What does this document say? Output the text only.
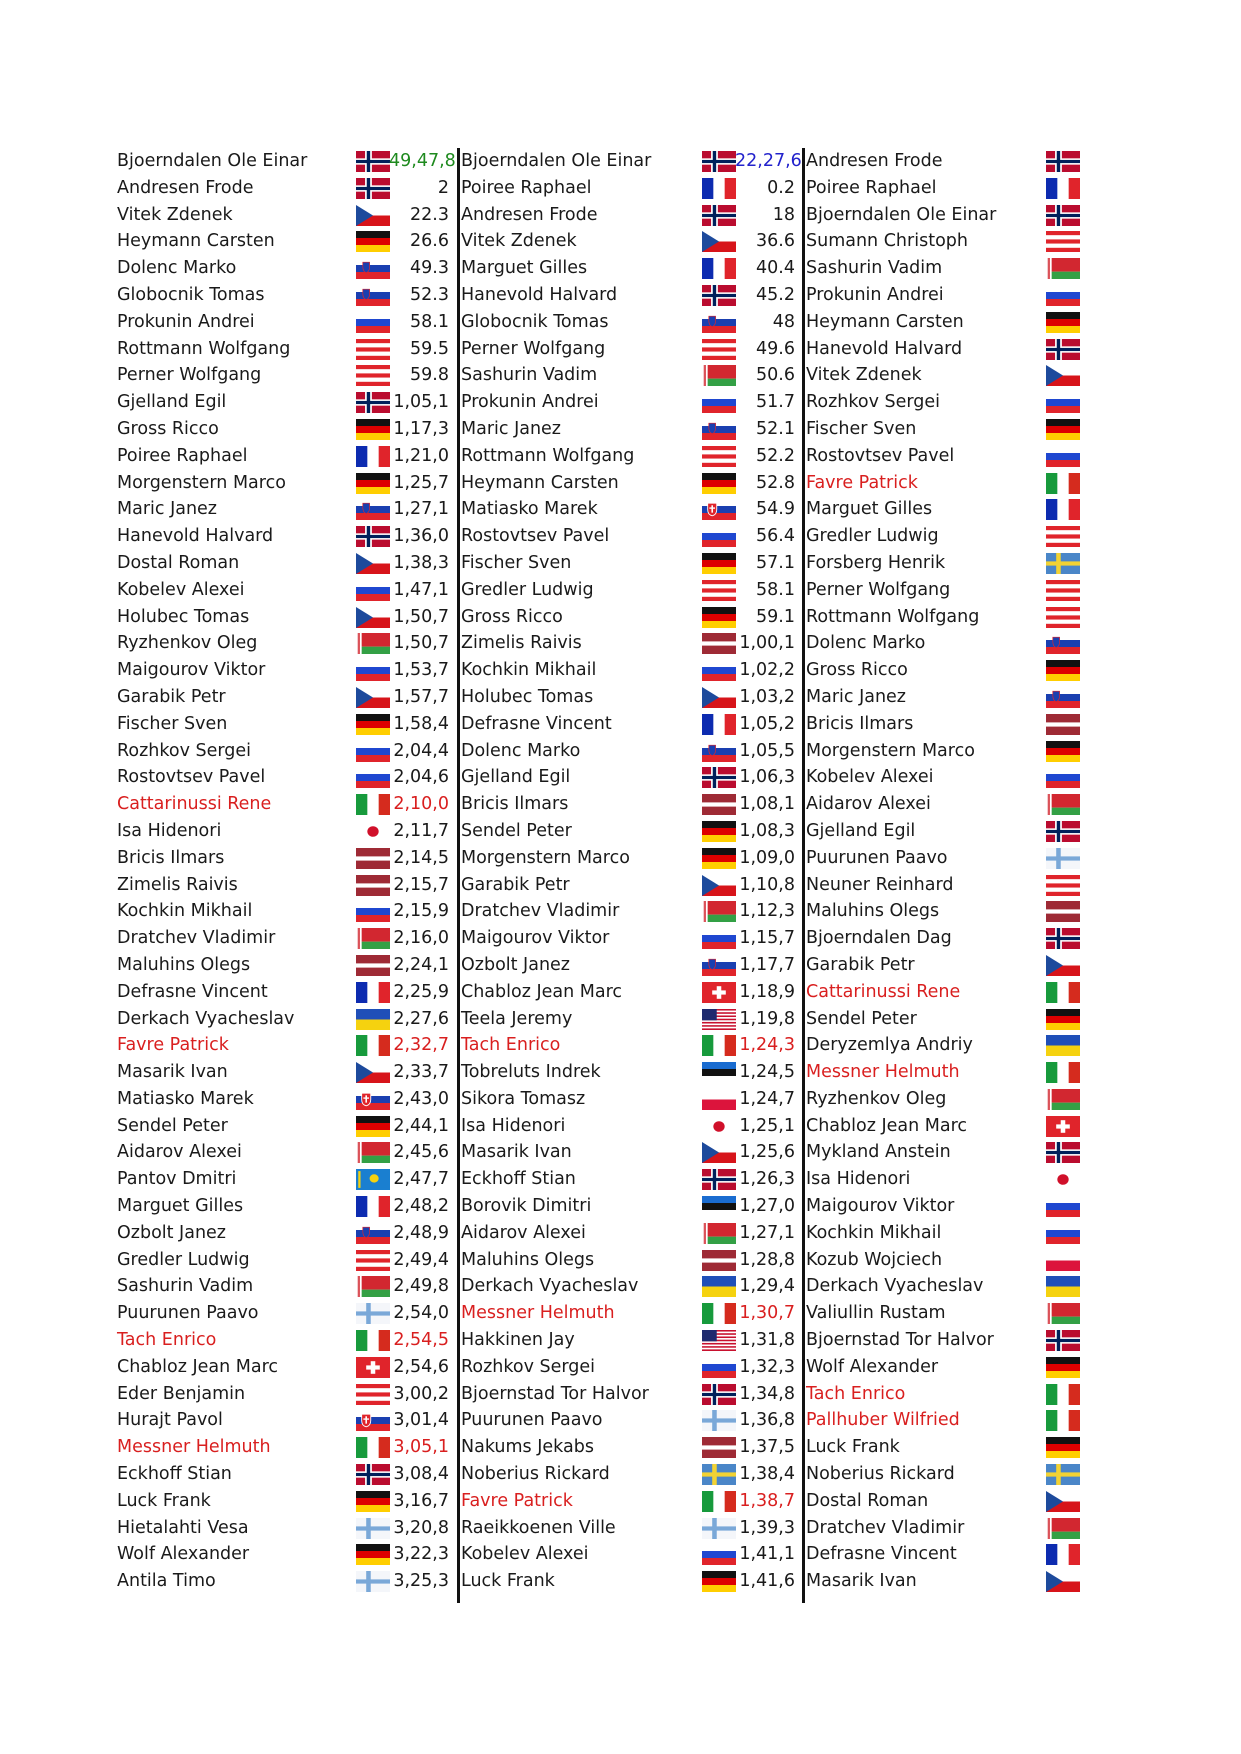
Bjoerndalen Ole Einar	49,47,8 Bjoerndalen Ole Einar	22,27,6 Andresen Frode
Andresen Frode	2 Poiree Raphael	0.2 Poiree Raphael
Vitek Zdenek	22.3 Andresen Frode	18 Bjoerndalen Ole Einar
Heymann Carsten	26.6 Vitek Zdenek	36.6 Sumann Christoph
Dolenc Marko	49.3 Marguet Gilles	40.4 Sashurin Vadim
Globocnik Tomas	52.3 Hanevold Halvard	45.2 Prokunin Andrei
Prokunin Andrei	58.1 Globocnik Tomas	48 Heymann Carsten
Rottmann Wolfgang	59.5 Perner Wolfgang	49.6 Hanevold Halvard
Perner Wolfgang	59.8 Sashurin Vadim	50.6 Vitek Zdenek
Gjelland Egil	1,05,1 Prokunin Andrei	51.7 Rozhkov Sergei
Gross Ricco	1,17,3 Maric Janez	52.1 Fischer Sven
Poiree Raphael	1,21,0 Rottmann Wolfgang	52.2 Rostovtsev Pavel
Morgenstern Marco	1,25,7 Heymann Carsten	52.8 Favre Patrick
Maric Janez	1,27,1 Matiasko Marek	54.9 Marguet Gilles
Hanevold Halvard	1,36,0 Rostovtsev Pavel	56.4 Gredler Ludwig
Dostal Roman	1,38,3 Fischer Sven	57.1 Forsberg Henrik
Kobelev Alexei	1,47,1 Gredler Ludwig	58.1 Perner Wolfgang
Holubec Tomas	1,50,7 Gross Ricco	59.1 Rottmann Wolfgang
Ryzhenkov Oleg	1,50,7 Zimelis Raivis	1,00,1 Dolenc Marko
Maigourov Viktor	1,53,7 Kochkin Mikhail	1,02,2 Gross Ricco
Garabik Petr	1,57,7 Holubec Tomas	1,03,2 Maric Janez
Fischer Sven	1,58,4 Defrasne Vincent	1,05,2 Bricis Ilmars
Rozhkov Sergei	2,04,4 Dolenc Marko	1,05,5 Morgenstern Marco
Rostovtsev Pavel	2,04,6 Gjelland Egil	1,06,3 Kobelev Alexei
Cattarinussi Rene	2,10,0 Bricis Ilmars	1,08,1 Aidarov Alexei
Isa Hidenori	2,11,7 Sendel Peter	1,08,3 Gjelland Egil
Bricis Ilmars	2,14,5 Morgenstern Marco	1,09,0 Puurunen Paavo
Zimelis Raivis	2,15,7 Garabik Petr	1,10,8 Neuner Reinhard
Kochkin Mikhail	2,15,9 Dratchev Vladimir	1,12,3 Maluhins Olegs
Dratchev Vladimir	2,16,0 Maigourov Viktor	1,15,7 Bjoerndalen Dag
Maluhins Olegs	2,24,1 Ozbolt Janez	1,17,7 Garabik Petr
Defrasne Vincent	2,25,9 Chabloz Jean Marc	1,18,9 Cattarinussi Rene
Derkach Vyacheslav	2,27,6 Teela Jeremy	1,19,8 Sendel Peter
Favre Patrick	2,32,7 Tach Enrico	1,24,3 Deryzemlya Andriy
Masarik Ivan	2,33,7 Tobreluts Indrek	1,24,5 Messner Helmuth
Matiasko Marek	2,43,0 Sikora Tomasz	1,24,7 Ryzhenkov Oleg
Sendel Peter	2,44,1 Isa Hidenori	1,25,1 Chabloz Jean Marc
Aidarov Alexei	2,45,6 Masarik Ivan	1,25,6 Mykland Anstein
Pantov Dmitri	2,47,7 Eckhoff Stian	1,26,3 Isa Hidenori
Marguet Gilles	2,48,2 Borovik Dimitri	1,27,0 Maigourov Viktor
Ozbolt Janez	2,48,9 Aidarov Alexei	1,27,1 Kochkin Mikhail
Gredler Ludwig	2,49,4 Maluhins Olegs	1,28,8 Kozub Wojciech
Sashurin Vadim	2,49,8 Derkach Vyacheslav	1,29,4 Derkach Vyacheslav
Puurunen Paavo	2,54,0 Messner Helmuth	1,30,7 Valiullin Rustam
Tach Enrico	2,54,5 Hakkinen Jay	1,31,8 Bjoernstad Tor Halvor
Chabloz Jean Marc	2,54,6 Rozhkov Sergei	1,32,3 Wolf Alexander
Eder Benjamin	3,00,2 Bjoernstad Tor Halvor	1,34,8 Tach Enrico
Hurajt Pavol	3,01,4 Puurunen Paavo	1,36,8 Pallhuber Wilfried
Messner Helmuth	3,05,1 Nakums Jekabs	1,37,5 Luck Frank
Eckhoff Stian	3,08,4 Noberius Rickard	1,38,4 Noberius Rickard
Luck Frank	3,16,7 Favre Patrick	1,38,7 Dostal Roman
Hietalahti Vesa	3,20,8 Raeikkoenen Ville	1,39,3 Dratchev Vladimir
Wolf Alexander	3,22,3 Kobelev Alexei	1,41,1 Defrasne Vincent
Antila Timo	3,25,3 Luck Frank	1,41,6 Masarik Ivan
